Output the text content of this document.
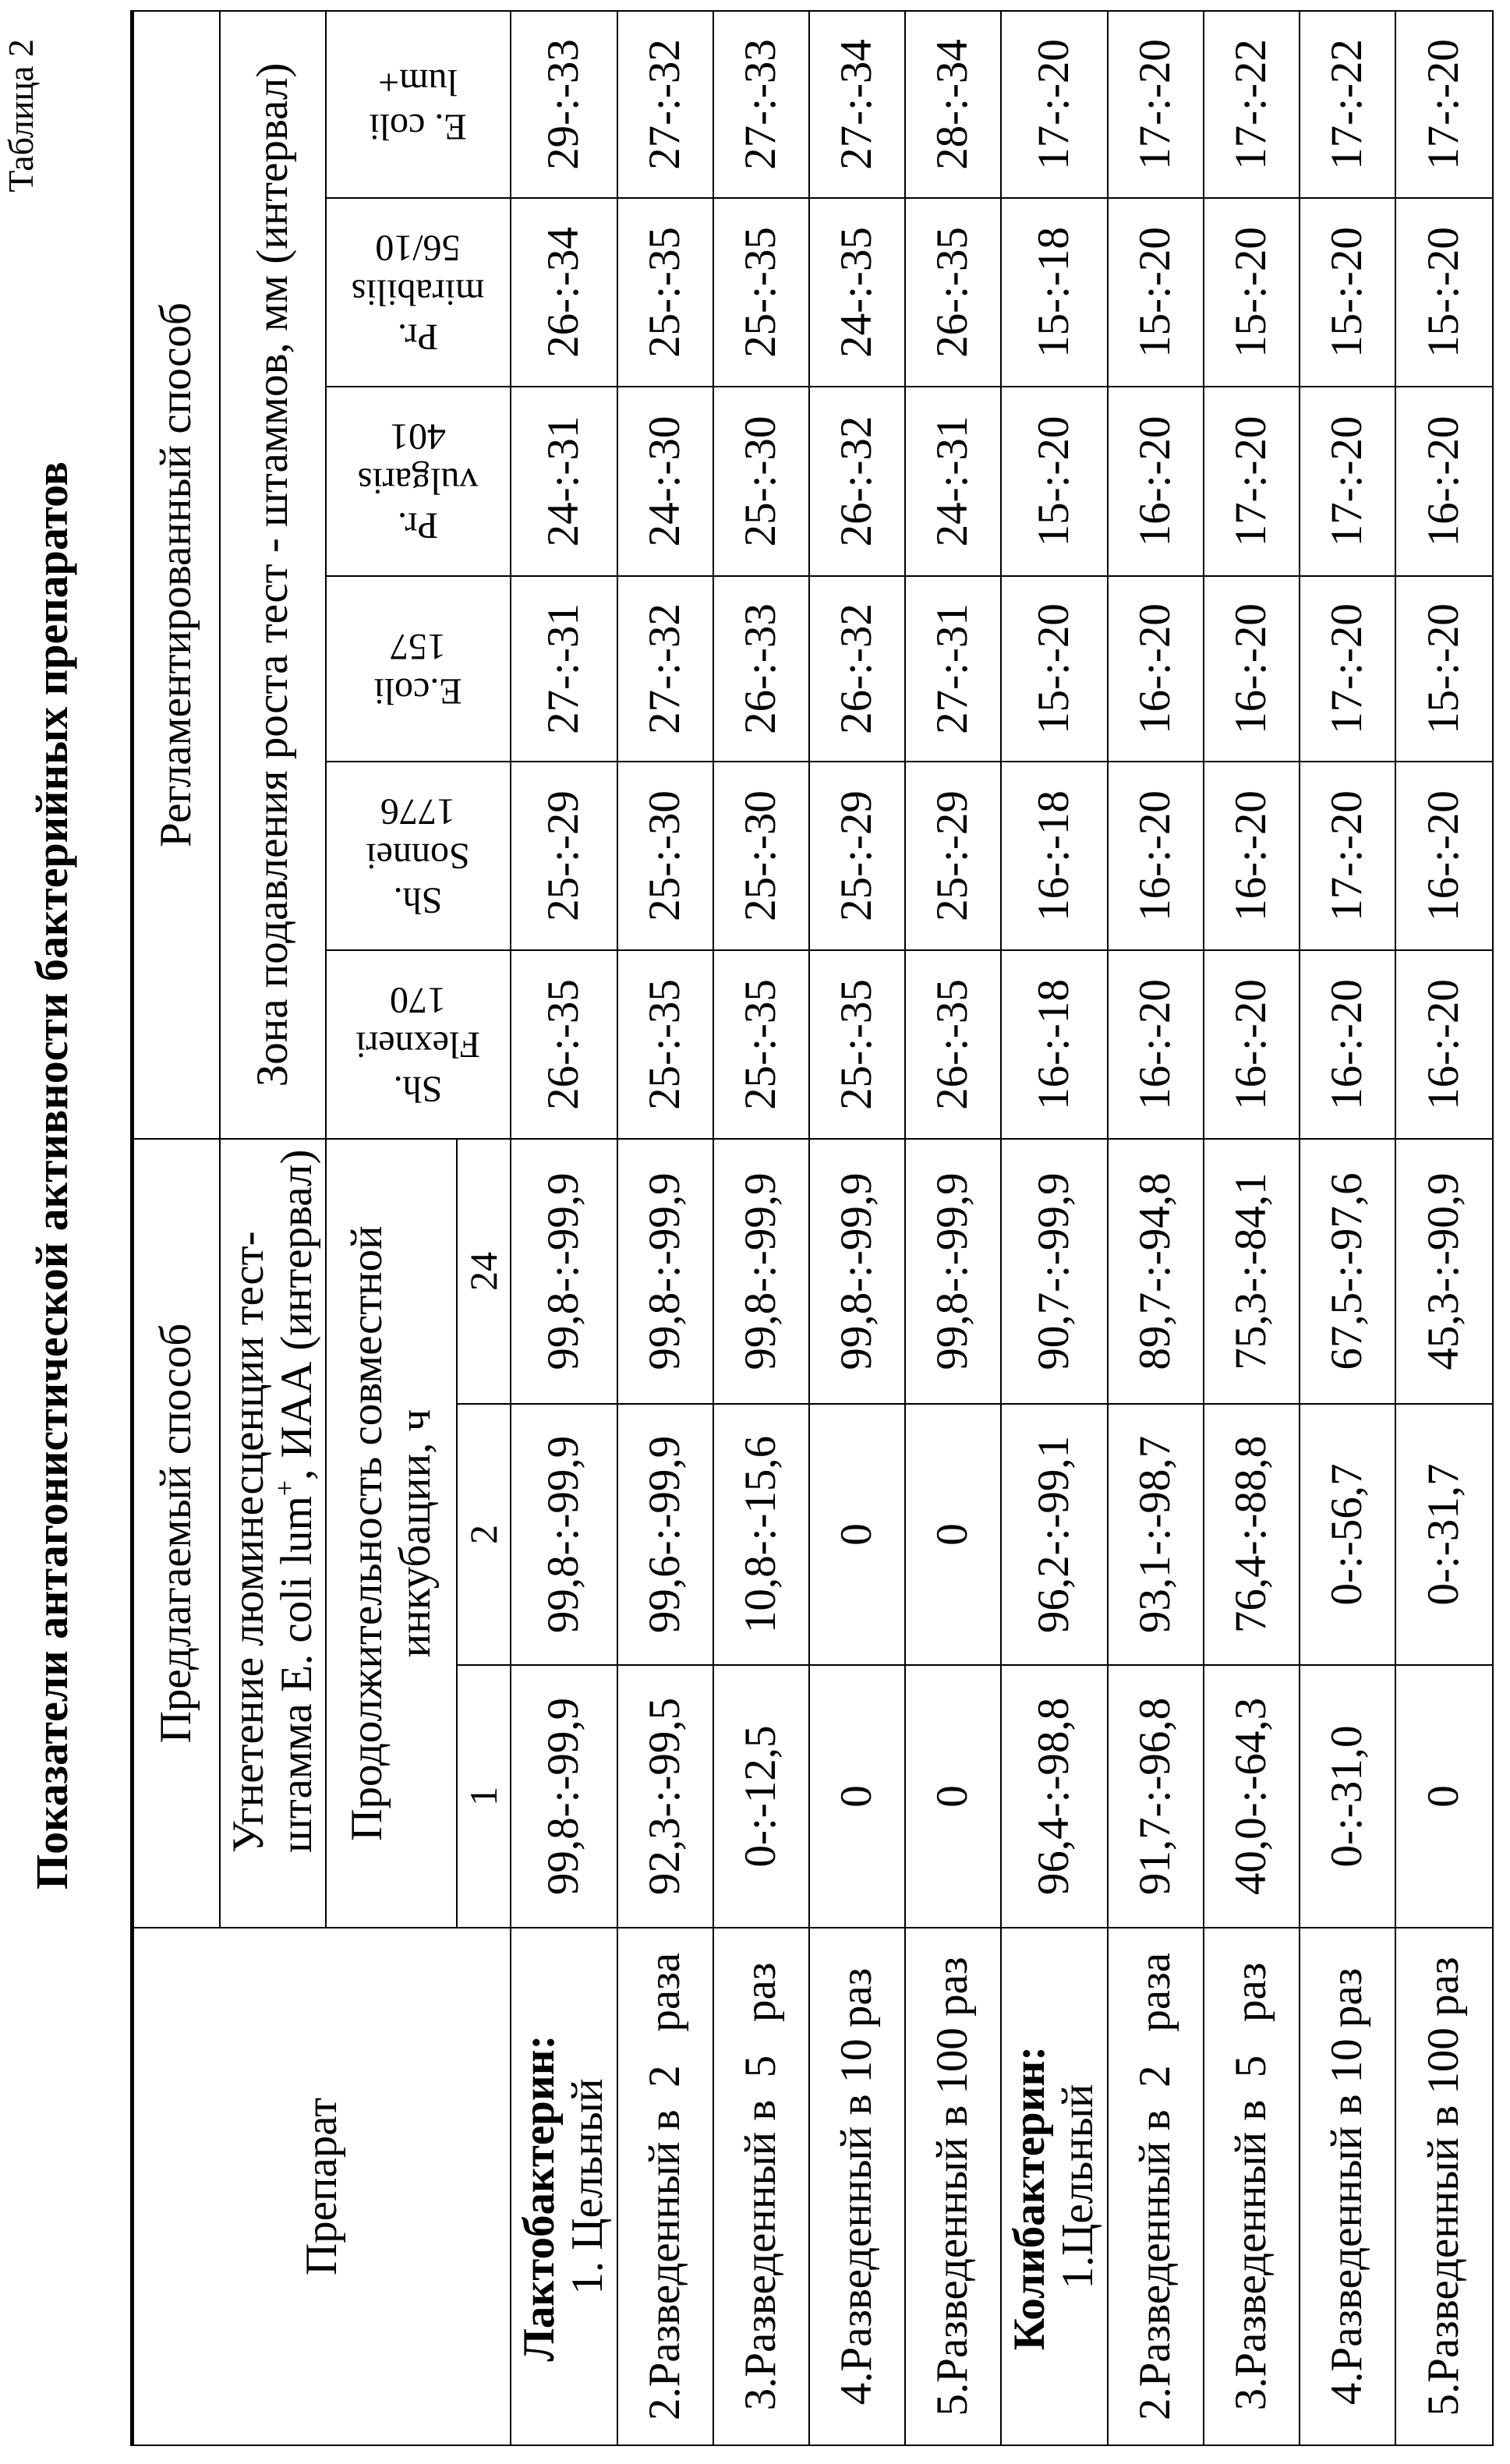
Таблица 2
Показатели антагонистической активности бактерийных препаратов
Препарат	Предлагаемый способ	Регламентированный способ

Угнетение люминесценции тест- штамма E. coli lum+, ИАА (интервал)
	Зона подавления роста тест - штаммов, мм (интервал)

Продолжительность совместной инкубации, ч

Sh.
Flexneri
170

Sh.
Sonnei
1776

E.coli
157

Pr.
vulgaris
401

Pr.
mirabilis
56/10

E. coli
lum+

1	2	24

Лактобактерин: 1. Цельный
	99,8-:-99,9	99,8-:-99,9	99,8-:-99,9	26-:-35	25-:-29	27-:-31	24-:-31	26-:-34	29-:-33

2.Разведенный в  2   раза
	92,3-:-99,5	99,6-:-99,9	99,8-:-99,9	25-:-35	25-:-30	27-:-32	24-:-30	25-:-35	27-:-32

3.Разведенный в  5   раз
	0-:-12,5	10,8-:-15,6	99,8-:-99,9	25-:-35	25-:-30	26-:-33	25-:-30	25-:-35	27-:-33

4.Разведенный в 10 раз
	0	0	99,8-:-99,9	25-:-35	25-:-29	26-:-32	26-:-32	24-:-35	27-:-34

5.Разведенный в 100 раз
	0	0	99,8-:-99,9	26-:-35	25-:-29	27-:-31	24-:-31	26-:-35	28-:-34

Колибактерин: 1.Цельный
	96,4-:-98,8	96,2-:-99,1	90,7-:-99,9	16-:-18	16-:-18	15-:-20	15-:-20	15-:-18	17-:-20

2.Разведенный в  2   раза
	91,7-:-96,8	93,1-:-98,7	89,7-:-94,8	16-:-20	16-:-20	16-:-20	16-:-20	15-:-20	17-:-20

3.Разведенный в  5   раз
	40,0-:-64,3	76,4-:-88,8	75,3-:-84,1	16-:-20	16-:-20	16-:-20	17-:-20	15-:-20	17-:-22

4.Разведенный в 10 раз
	0-:-31,0	0-:-56,7	67,5-:-97,6	16-:-20	17-:-20	17-:-20	17-:-20	15-:-20	17-:-22

5.Разведенный в 100 раз
	0	0-:-31,7	45,3-:-90,9	16-:-20	16-:-20	15-:-20	16-:-20	15-:-20	17-:-20
